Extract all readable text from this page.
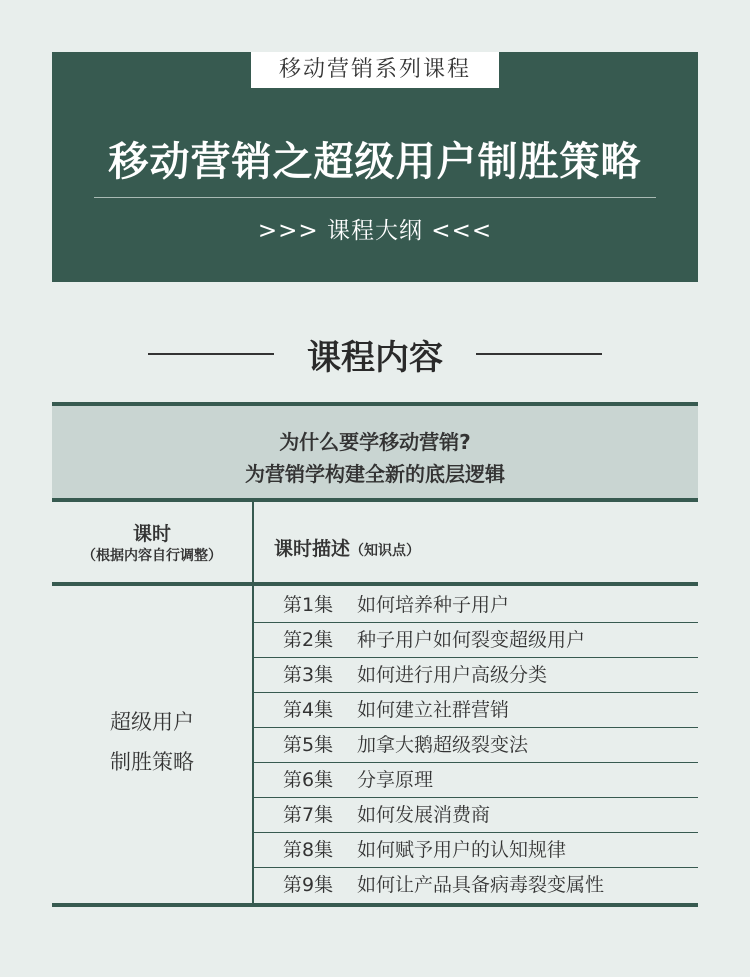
移动营销系列课程
移动营销之超级用户制胜策略
>>> 课程大纲 <<<
课程内容
为什么要学移动营销?
为营销学构建全新的底层逻辑
课时
（根据内容自行调整）	课时描述（知识点）
超级用户
制胜策略
第1集 如何培养种子用户
第2集 种子用户如何裂变超级用户
第3集 如何进行用户高级分类
第4集 如何建立社群营销
第5集 加拿大鹅超级裂变法
第6集 分享原理
第7集 如何发展消费商
第8集 如何赋予用户的认知规律
第9集 如何让产品具备病毒裂变属性
